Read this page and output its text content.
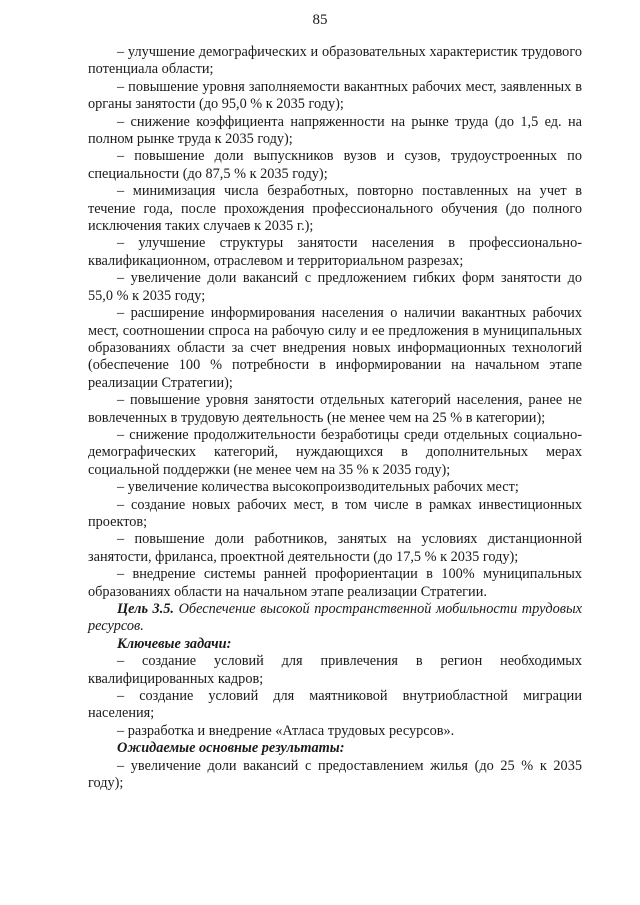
85

– улучшение демографических и образовательных характеристик трудового потенциала области;

– повышение уровня заполняемости вакантных рабочих мест, заявленных в органы занятости (до 95,0 % к 2035 году);

– снижение коэффициента напряженности на рынке труда (до 1,5 ед. на полном рынке труда к 2035 году);

– повышение доли выпускников вузов и сузов, трудоустроенных по специальности (до 87,5 % к 2035 году);

– минимизация числа безработных, повторно поставленных на учет в течение года, после прохождения профессионального обучения (до полного исключения таких случаев к 2035 г.);

– улучшение структуры занятости населения в профессионально-квалификационном, отраслевом и территориальном разрезах;

– увеличение доли вакансий с предложением гибких форм занятости до 55,0 % к 2035 году;

– расширение информирования населения о наличии вакантных рабочих мест, соотношении спроса на рабочую силу и ее предложения в муниципальных образованиях области за счет внедрения новых информационных технологий (обеспечение 100 % потребности в информировании на начальном этапе реализации Стратегии);

– повышение уровня занятости отдельных категорий населения, ранее не вовлеченных в трудовую деятельность (не менее чем на 25 % в категории);

– снижение продолжительности безработицы среди отдельных социально-демографических категорий, нуждающихся в дополнительных мерах социальной поддержки (не менее чем на 35 % к 2035 году);

– увеличение количества высокопроизводительных рабочих мест;

– создание новых рабочих мест, в том числе в рамках инвестиционных проектов;

– повышение доли работников, занятых на условиях дистанционной занятости, фриланса, проектной деятельности (до 17,5 % к 2035 году);

– внедрение системы ранней профориентации в 100% муниципальных образованиях области на начальном этапе реализации Стратегии.

Цель 3.5. Обеспечение высокой пространственной мобильности трудовых ресурсов.

Ключевые задачи:

– создание условий для привлечения в регион необходимых квалифицированных кадров;

– создание условий для маятниковой внутриобластной миграции населения;

– разработка и внедрение «Атласа трудовых ресурсов».

Ожидаемые основные результаты:

– увеличение доли вакансий с предоставлением жилья (до 25 % к 2035 году);
